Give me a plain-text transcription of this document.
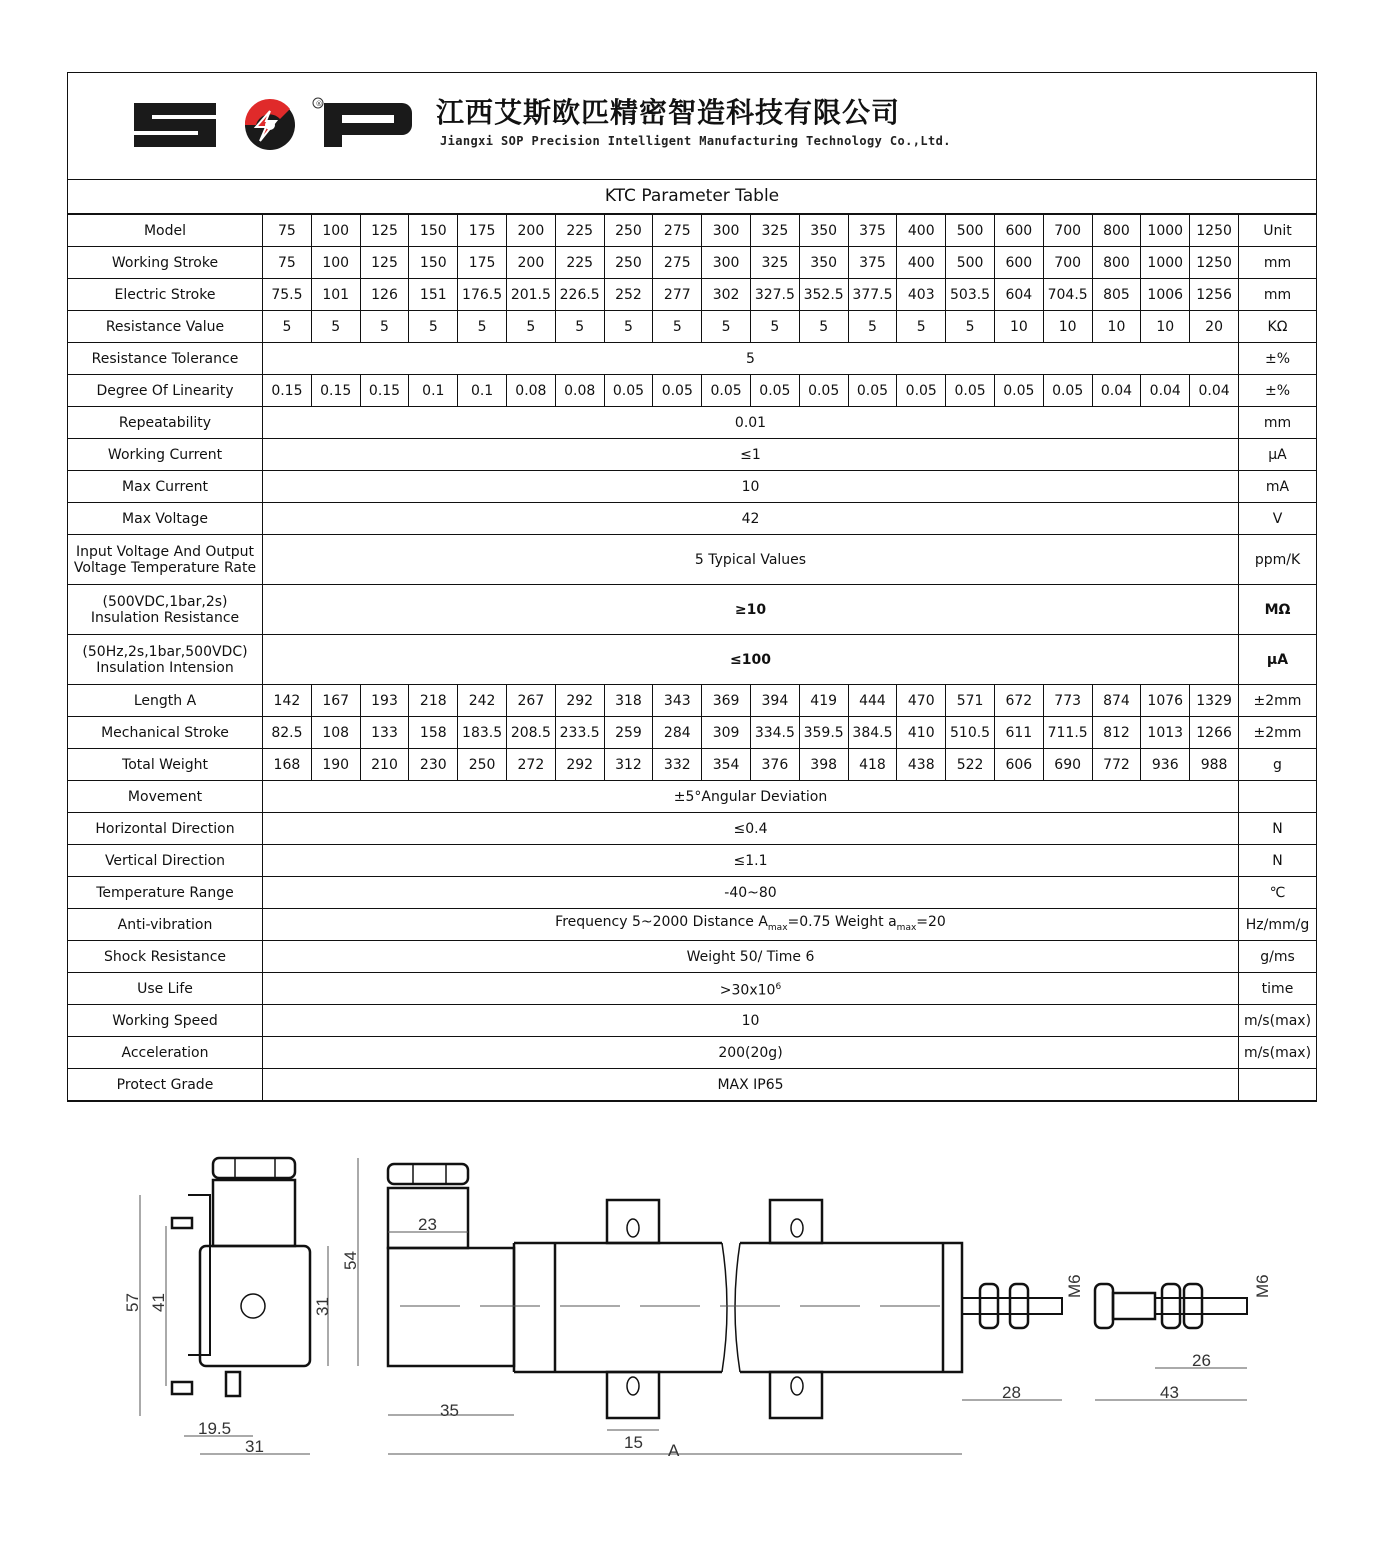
®	江西艾斯欧匹精密智造科技有限公司
Jiangxi SOP Precision Intelligent Manufacturing Technology Co.,Ltd.
KTC Parameter Table
Model	75	100	125	150	175	200	225	250	275	300	325	350	375	400	500	600	700	800	1000	1250	Unit
Working Stroke	75	100	125	150	175	200	225	250	275	300	325	350	375	400	500	600	700	800	1000	1250	mm
Electric Stroke	75.5	101	126	151	176.5	201.5	226.5	252	277	302	327.5	352.5	377.5	403	503.5	604	704.5	805	1006	1256	mm
Resistance Value	5	5	5	5	5	5	5	5	5	5	5	5	5	5	5	10	10	10	10	20	KΩ
Resistance Tolerance	5																				±%
Degree Of Linearity	0.15	0.15	0.15	0.1	0.1	0.08	0.08	0.05	0.05	0.05	0.05	0.05	0.05	0.05	0.05	0.05	0.05	0.04	0.04	0.04	±%
Repeatability	0.01																				mm
Working Current	≤1																				μA
Max Current	10																				mA
Max Voltage	42																				V
Input Voltage And Output
Voltage Temperature Rate	5 Typical Values																				ppm/K
(500VDC,1bar,2s)
Insulation Resistance	≥10																				MΩ
(50Hz,2s,1bar,500VDC)
Insulation Intension	≤100																				μA
Length A	142	167	193	218	242	267	292	318	343	369	394	419	444	470	571	672	773	874	1076	1329	±2mm
Mechanical Stroke	82.5	108	133	158	183.5	208.5	233.5	259	284	309	334.5	359.5	384.5	410	510.5	611	711.5	812	1013	1266	±2mm
Total Weight	168	190	210	230	250	272	292	312	332	354	376	398	418	438	522	606	690	772	936	988	g
Movement	±5°Angular Deviation																				
Horizontal Direction	≤0.4																				N
Vertical Direction	≤1.1																				N
Temperature Range	-40~80																				℃
Anti-vibration	Frequency 5~2000 Distance $A_{max}=0.75$ Weight $a_{max}=20$																				Hz/mm/g
Shock Resistance	Weight 50/ Time 6																				g/ms
Use Life	$>30x10^6$																				time
Working Speed	10																				m/s(max)
Acceleration	200(20g)																				m/s(max)
Protect Grade	MAX IP65																				
57 41	31
54
19.5
31
23
35
15 A
28
M6
26
43
M6
